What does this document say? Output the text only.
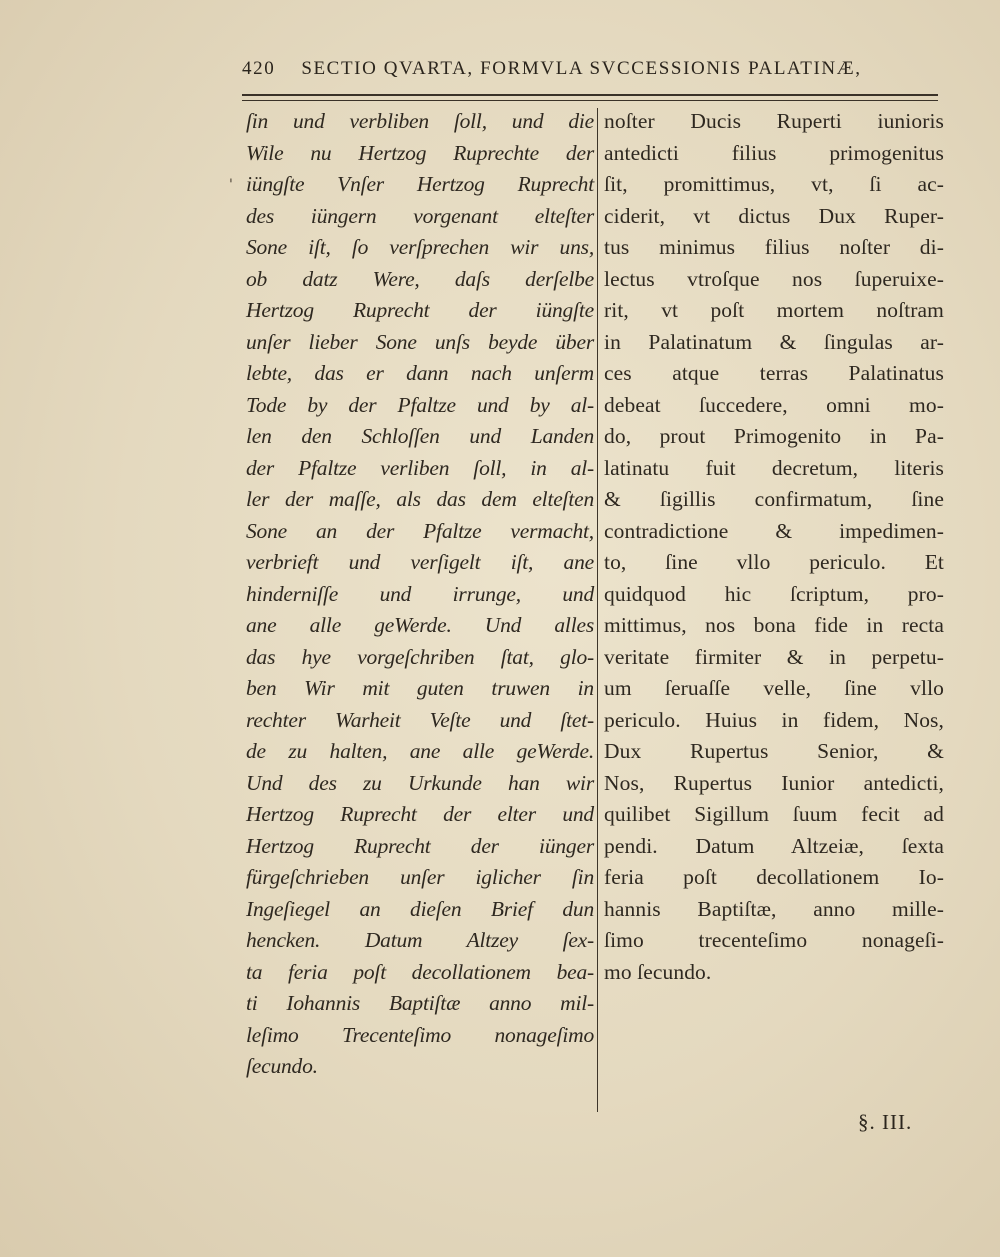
420 SECTIO QVARTA, FORMVLA SVCCESSIONIS PALATINÆ,
'
ſin und verbliben ſoll, und die
Wile nu Hertzog Ruprechte der
iüngſte Vnſer Hertzog Ruprecht
des iüngern vorgenant elteſter
Sone iſt, ſo verſprechen wir uns,
ob datz Were, daſs derſelbe
Hertzog Ruprecht der iüngſte
unſer lieber Sone unſs beyde über
lebte, das er dann nach unſerm
Tode by der Pfaltze und by al-
len den Schloſſen und Landen
der Pfaltze verliben ſoll, in al-
ler der maſſe, als das dem elteſten
Sone an der Pfaltze vermacht,
verbrieft und verſigelt iſt, ane
hinderniſſe und irrunge, und
ane alle geWerde. Und alles
das hye vorgeſchriben ſtat, glo-
ben Wir mit guten truwen in
rechter Warheit Veſte und ſtet-
de zu halten, ane alle geWerde.
Und des zu Urkunde han wir
Hertzog Ruprecht der elter und
Hertzog Ruprecht der iünger
fürgeſchrieben unſer iglicher ſin
Ingeſiegel an dieſen Brief dun
hencken. Datum Altzey ſex-
ta feria poſt decollationem bea-
ti Iohannis Baptiſtæ anno mil-
leſimo Trecenteſimo nonageſimo
ſecundo.
noſter Ducis Ruperti iunioris
antedicti filius primogenitus
ſit, promittimus, vt, ſi ac-
ciderit, vt dictus Dux Ruper-
tus minimus filius noſter di-
lectus vtroſque nos ſuperuixe-
rit, vt poſt mortem noſtram
in Palatinatum & ſingulas ar-
ces atque terras Palatinatus
debeat ſuccedere, omni mo-
do, prout Primogenito in Pa-
latinatu fuit decretum, literis
& ſigillis confirmatum, ſine
contradictione & impedimen-
to, ſine vllo periculo. Et
quidquod hic ſcriptum, pro-
mittimus, nos bona fide in recta
veritate firmiter & in perpetu-
um ſeruaſſe velle, ſine vllo
periculo. Huius in fidem, Nos,
Dux Rupertus Senior, &
Nos, Rupertus Iunior antedicti,
quilibet Sigillum ſuum fecit ad
pendi. Datum Altzeiæ, ſexta
feria poſt decollationem Io-
hannis Baptiſtæ, anno mille-
ſimo trecenteſimo nonageſi-
mo ſecundo.
§. III.
